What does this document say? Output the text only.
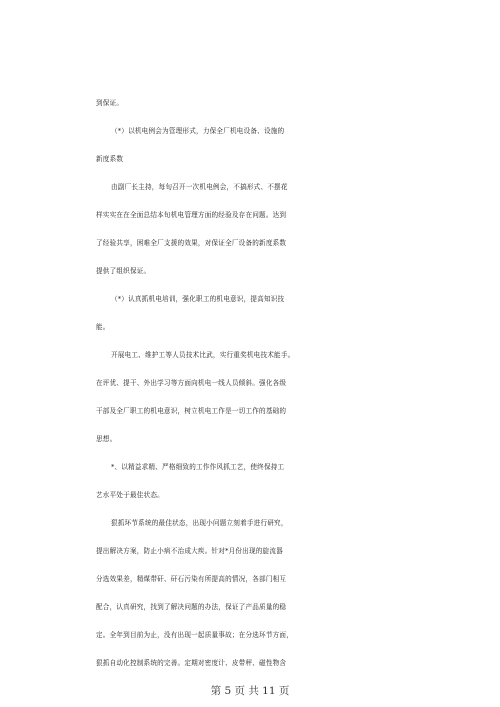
到保证。

（*）以机电例会为管理形式，力保全厂机电设备、设施的

新度系数

由副厂长主持，每旬召开一次机电例会，不搞形式、不摆花

样实实在在全面总结本旬机电管理方面的经验及存在问题。达到

了经验共享，困难全厂支援的效果，对保证全厂设备的新度系数

提供了组织保证。

（*）认真抓机电培训，强化职工的机电意识，提高知识技

能。

开展电工、维护工等人员技术比武，实行重奖机电技术能手。

在评优、提干、外出学习等方面向机电一线人员倾斜。强化各级

干部及全厂职工的机电意识，树立机电工作是一切工作的基础的

思想。

*、以精益求精、严格细致的工作作风抓工艺，使终保持工

艺水平处于最佳状态。

狠抓环节系统的最佳状态，出现小问题立刻着手进行研究，

提出解决方案，防止小病不治成大疾。针对*月份出现的旋流器

分选效果差，精煤带矸、矸石污染有所提高的情况，各部门相互

配合，认真研究，找到了解决问题的办法，保证了产品质量的稳

定。全年到目前为止，没有出现一起质量事故；在分选环节方面，

狠抓自动化控制系统的完善。定期对密度计、皮带秤、磁性物含

第 5 页 共 11 页
